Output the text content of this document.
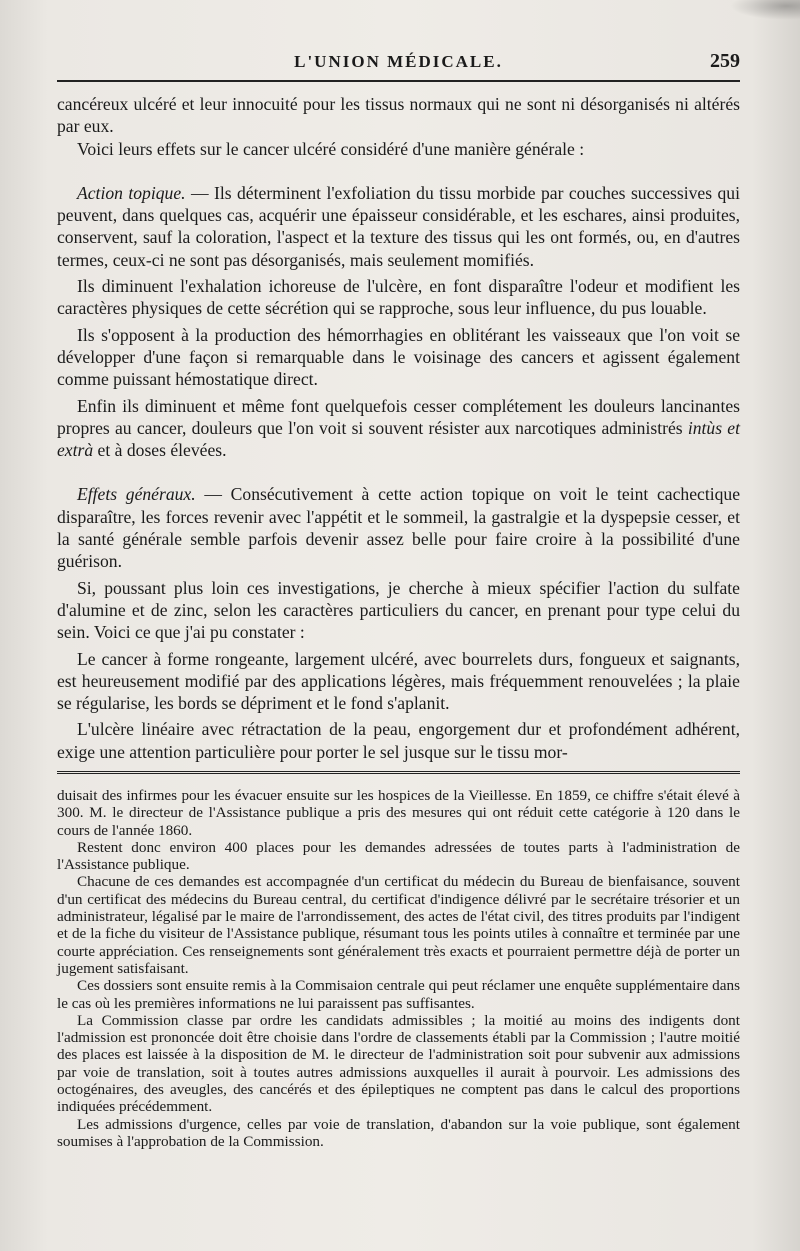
L'UNION MÉDICALE.	259

cancéreux ulcéré et leur innocuité pour les tissus normaux qui ne sont ni désorganisés ni altérés par eux.

Voici leurs effets sur le cancer ulcéré considéré d'une manière générale :

Action topique. — Ils déterminent l'exfoliation du tissu morbide par couches successives qui peuvent, dans quelques cas, acquérir une épaisseur considérable, et les eschares, ainsi produites, conservent, sauf la coloration, l'aspect et la texture des tissus qui les ont formés, ou, en d'autres termes, ceux-ci ne sont pas désorganisés, mais seulement momifiés.

Ils diminuent l'exhalation ichoreuse de l'ulcère, en font disparaître l'odeur et modifient les caractères physiques de cette sécrétion qui se rapproche, sous leur influence, du pus louable.

Ils s'opposent à la production des hémorrhagies en oblitérant les vaisseaux que l'on voit se développer d'une façon si remarquable dans le voisinage des cancers et agissent également comme puissant hémostatique direct.

Enfin ils diminuent et même font quelquefois cesser complétement les douleurs lancinantes propres au cancer, douleurs que l'on voit si souvent résister aux narcotiques administrés intùs et extrà et à doses élevées.

Effets généraux. — Consécutivement à cette action topique on voit le teint cachectique disparaître, les forces revenir avec l'appétit et le sommeil, la gastralgie et la dyspepsie cesser, et la santé générale semble parfois devenir assez belle pour faire croire à la possibilité d'une guérison.

Si, poussant plus loin ces investigations, je cherche à mieux spécifier l'action du sulfate d'alumine et de zinc, selon les caractères particuliers du cancer, en prenant pour type celui du sein. Voici ce que j'ai pu constater :

Le cancer à forme rongeante, largement ulcéré, avec bourrelets durs, fongueux et saignants, est heureusement modifié par des applications légères, mais fréquemment renouvelées ; la plaie se régularise, les bords se dépriment et le fond s'aplanit.

L'ulcère linéaire avec rétractation de la peau, engorgement dur et profondément adhérent, exige une attention particulière pour porter le sel jusque sur le tissu mor-

duisait des infirmes pour les évacuer ensuite sur les hospices de la Vieillesse. En 1859, ce chiffre s'était élevé à 300. M. le directeur de l'Assistance publique a pris des mesures qui ont réduit cette catégorie à 120 dans le cours de l'année 1860.

Restent donc environ 400 places pour les demandes adressées de toutes parts à l'administration de l'Assistance publique.

Chacune de ces demandes est accompagnée d'un certificat du médecin du Bureau de bienfaisance, souvent d'un certificat des médecins du Bureau central, du certificat d'indigence délivré par le secrétaire trésorier et un administrateur, légalisé par le maire de l'arrondissement, des actes de l'état civil, des titres produits par l'indigent et de la fiche du visiteur de l'Assistance publique, résumant tous les points utiles à connaître et terminée par une courte appréciation. Ces renseignements sont généralement très exacts et pourraient permettre déjà de porter un jugement satisfaisant.

Ces dossiers sont ensuite remis à la Commisaion centrale qui peut réclamer une enquête supplémentaire dans le cas où les premières informations ne lui paraissent pas suffisantes.

La Commission classe par ordre les candidats admissibles ; la moitié au moins des indigents dont l'admission est prononcée doit être choisie dans l'ordre de classements établi par la Commission ; l'autre moitié des places est laissée à la disposition de M. le directeur de l'administration soit pour subvenir aux admissions par voie de translation, soit à toutes autres admissions auxquelles il aurait à pourvoir. Les admissions des octogénaires, des aveugles, des cancérés et des épileptiques ne comptent pas dans le calcul des proportions indiquées précédemment.

Les admissions d'urgence, celles par voie de translation, d'abandon sur la voie publique, sont également soumises à l'approbation de la Commission.
